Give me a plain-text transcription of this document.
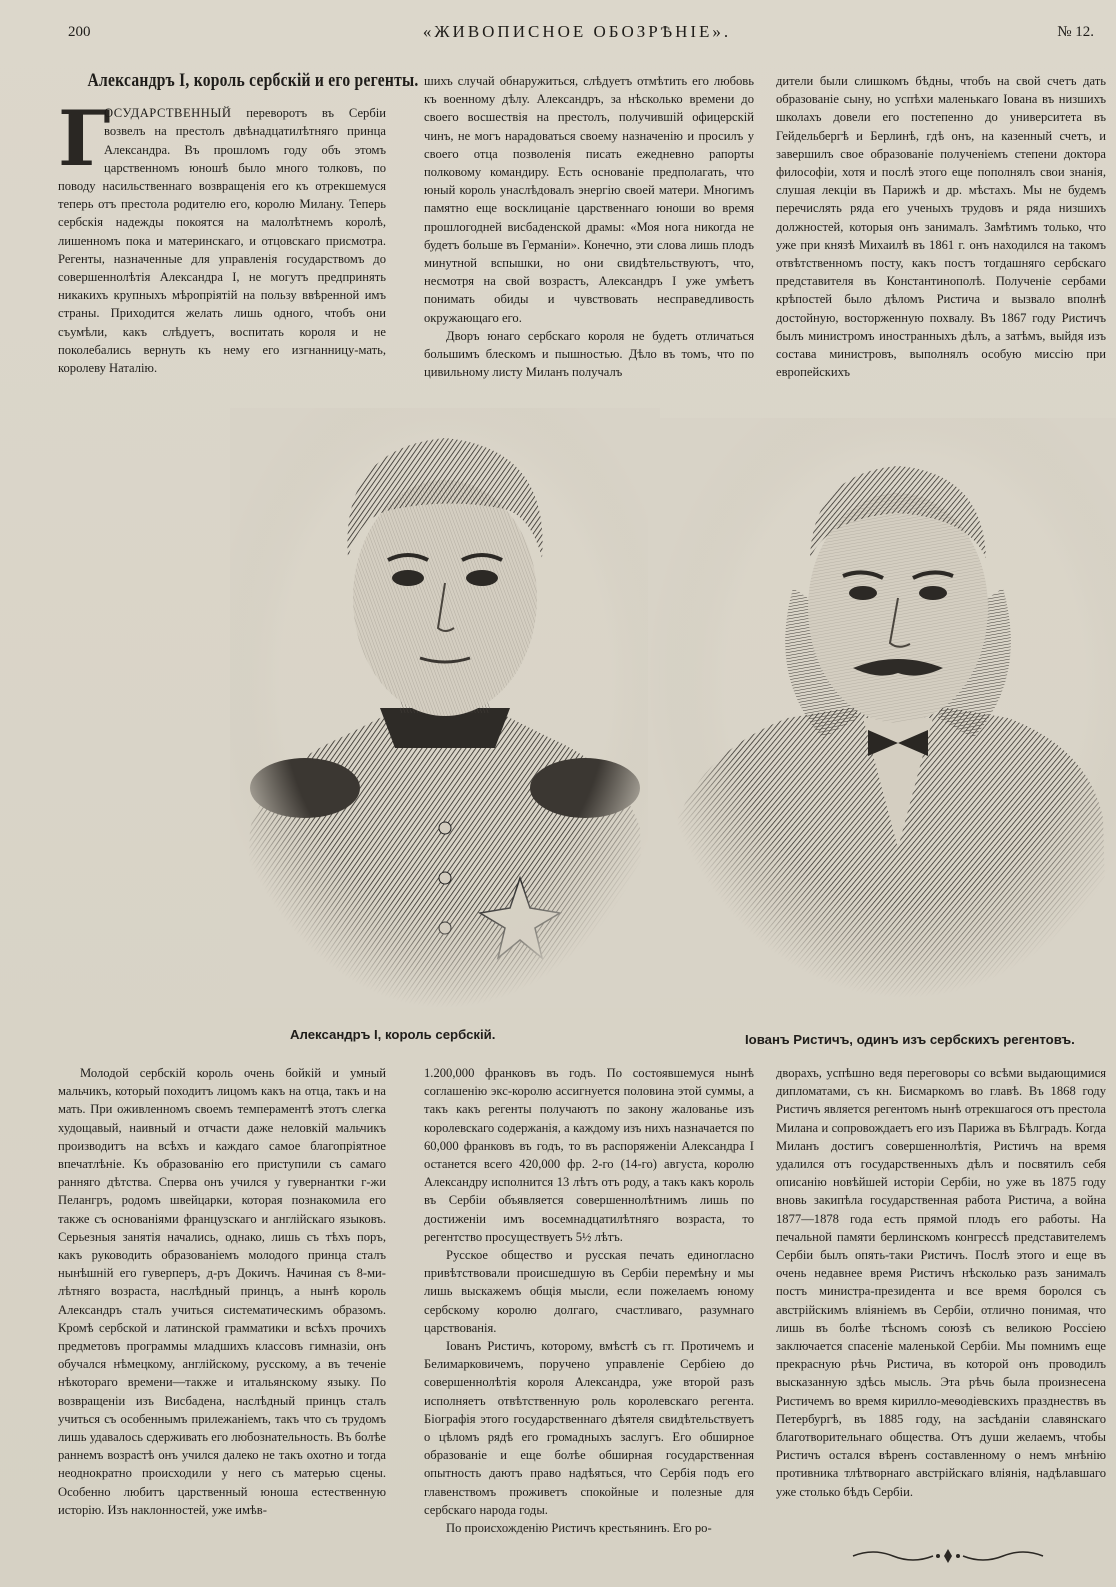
200	«ЖИВОПИСНОЕ ОБОЗРѢНІЕ».	№ 12.
Александръ I, король сербскій и его регенты.

Г
ОСУДАРСТВЕННЫЙ переворотъ въ Сербіи возвелъ на престолъ двѣнадцатилѣтняго принца Александра. Въ прошломъ году объ этомъ царственномъ юношѣ было много толковъ, по поводу насильственнаго возвращенія его къ отрекшемуся теперь отъ престола родителю его, королю Милану. Теперь сербскія надежды покоятся на малолѣтнемъ королѣ, лишенномъ пока и материнскаго, и отцовскаго присмотра. Регенты, назначенные для управленія государствомъ до совершеннолѣтія Александра I, не могутъ предпринять никакихъ крупныхъ мѣропріятій на пользу ввѣренной имъ страны. Приходится желать лишь одного, чтобъ они съумѣли, какъ слѣдуетъ, воспитать короля и не поколебались вернуть къ нему его изгнанницу-мать, королеву Наталію.

шихъ случай обнаружиться, слѣдуетъ отмѣтить его любовь къ военному дѣлу. Александръ, за нѣсколько времени до своего восшествія на престолъ, получившій офицерскій чинъ, не могъ нарадоваться своему назначенію и просилъ у своего отца позволенія писать ежедневно рапорты полковому командиру. Есть основаніе предполагать, что юный король унаслѣдовалъ энергію своей матери. Многимъ памятно еще восклицаніе царственнаго юноши во время прошлогодней висбаденской драмы: «Моя нога никогда не будетъ больше въ Германіи». Конечно, эти слова лишь плодъ минутной вспышки, но они свидѣтельствуютъ, что, несмотря на свой возрастъ, Александръ I уже умѣетъ понимать обиды и чувствовать несправедливость окружающаго его.

Дворъ юнаго сербскаго короля не будетъ отличаться большимъ блескомъ и пышностью. Дѣло въ томъ, что по цивильному листу Миланъ получалъ

дители были слишкомъ бѣдны, чтобъ на свой счетъ дать образованіе сыну, но успѣхи маленькаго Іована въ низшихъ школахъ довели его постепенно до университета въ Гейдельбергѣ и Берлинѣ, гдѣ онъ, на казенный счетъ, и завершилъ свое образованіе полученіемъ степени доктора философіи, хотя и послѣ этого еще пополнялъ свои знанія, слушая лекціи въ Парижѣ и др. мѣстахъ. Мы не будемъ перечислять ряда его ученыхъ трудовъ и ряда низшихъ должностей, которыя онъ занималъ. Замѣтимъ только, что уже при князѣ Михаилѣ въ 1861 г. онъ находился на такомъ отвѣтственномъ посту, какъ постъ тогдашняго сербскаго представителя въ Константинополѣ. Полученіе сербами крѣпостей было дѣломъ Ристича и вызвало вполнѣ достойную, восторженную похвалу. Въ 1867 году Ристичъ былъ министромъ иностранныхъ дѣлъ, а затѣмъ, выйдя изъ состава министровъ, выполнялъ особую миссію при европейскихъ

Александръ I, король сербскій.	Іованъ Ристичъ, одинъ изъ сербскихъ регентовъ.

Молодой сербскій король очень бойкій и умный мальчикъ, который походитъ лицомъ какъ на отца, такъ и на мать. При оживленномъ своемъ темпераментѣ этотъ слегка худощавый, наивный и отчасти даже неловкій мальчикъ производитъ на всѣхъ и каждаго самое благопріятное впечатлѣніе. Къ образованію его приступили съ самаго ранняго дѣтства. Сперва онъ учился у гувернантки г-жи Пелангръ, родомъ швейцарки, которая познакомила его также съ основаніями французскаго и англійскаго языковъ. Серьезныя занятія начались, однако, лишь съ тѣхъ поръ, какъ руководить образованіемъ молодого принца сталъ нынѣшній его гуверперъ, д-ръ Докичъ. Начиная съ 8-ми-лѣтняго возраста, наслѣдный принцъ, а нынѣ король Александръ сталъ учиться систематическимъ образомъ. Кромѣ сербской и латинской грамматики и всѣхъ прочихъ предметовъ программы младшихъ классовъ гимназіи, онъ обучался нѣмецкому, англійскому, русскому, а въ теченіе нѣкотораго времени—также и итальянскому языку. По возвращеніи изъ Висбадена, наслѣдный принцъ сталъ учиться съ особеннымъ прилежаніемъ, такъ что съ трудомъ лишь удавалось сдерживать его любознательность. Въ болѣе раннемъ возрастѣ онъ учился далеко не такъ охотно и тогда неоднократно происходили у него съ матерью сцены. Особенно любитъ царственный юноша естественную исторію. Изъ наклонностей, уже имѣв-

1.200,000 франковъ въ годъ. По состоявшемуся нынѣ соглашенію экс-королю ассигнуется половина этой суммы, а такъ какъ регенты получаютъ по закону жалованье изъ королевскаго содержанія, а каждому изъ нихъ назначается по 60,000 франковъ въ годъ, то въ распоряженіи Александра I останется всего 420,000 фр. 2-го (14-го) августа, королю Александру исполнится 13 лѣтъ отъ роду, а такъ какъ король въ Сербіи объявляется совершеннолѣтнимъ лишь по достиженіи имъ восемнадцатилѣтняго возраста, то регентство просуществуетъ 5½ лѣтъ.

Русское общество и русская печать единогласно привѣтствовали происшедшую въ Сербіи перемѣну и мы лишь выскажемъ общія мысли, если пожелаемъ юному сербскому королю долгаго, счастливаго, разумнаго царствованія.

Іованъ Ристичъ, которому, вмѣстѣ съ гг. Протичемъ и Белимарковичемъ, поручено управленіе Сербіею до совершеннолѣтія короля Александра, уже второй разъ исполняетъ отвѣтственную роль королевскаго регента. Біографія этого государственнаго дѣятеля свидѣтельствуетъ о цѣломъ рядѣ его громадныхъ заслугъ. Его обширное образованіе и еще болѣе обширная государственная опытность даютъ право надѣяться, что Сербія подъ его главенствомъ проживетъ спокойные и полезные для сербскаго народа годы.

По происхожденію Ристичъ крестьянинъ. Его ро-

дворахъ, успѣшно ведя переговоры со всѣми выдающимися дипломатами, съ кн. Бисмаркомъ во главѣ. Въ 1868 году Ристичъ является регентомъ нынѣ отрекшагося отъ престола Милана и сопровождаетъ его изъ Парижа въ Бѣлградъ. Когда Миланъ достигъ совершеннолѣтія, Ристичъ на время удалился отъ государственныхъ дѣлъ и посвятилъ себя описанію новѣйшей исторіи Сербіи, но уже въ 1875 году вновь закипѣла государственная работа Ристича, а война 1877—1878 года есть прямой плодъ его работы. На печальной памяти берлинскомъ конгрессѣ представителемъ Сербіи былъ опять-таки Ристичъ. Послѣ этого и еще въ очень недавнее время Ристичъ нѣсколько разъ занималъ постъ министра-президента и все время боролся съ австрійскимъ вліяніемъ въ Сербіи, отлично понимая, что лишь въ болѣе тѣсномъ союзѣ съ великою Россіею заключается спасеніе маленькой Сербіи. Мы помнимъ еще прекрасную рѣчь Ристича, въ которой онъ проводилъ высказанную здѣсь мысль. Эта рѣчь была произнесена Ристичемъ во время кирилло-меѳодіевскихъ празднествъ въ Петербургѣ, въ 1885 году, на засѣданіи славянскаго благотворительнаго общества. Отъ души желаемъ, чтобы Ристичъ остался вѣренъ составленному о немъ мнѣнію противника тлѣтворнаго австрійскаго вліянія, надѣлавшаго уже столько бѣдъ Сербіи.
